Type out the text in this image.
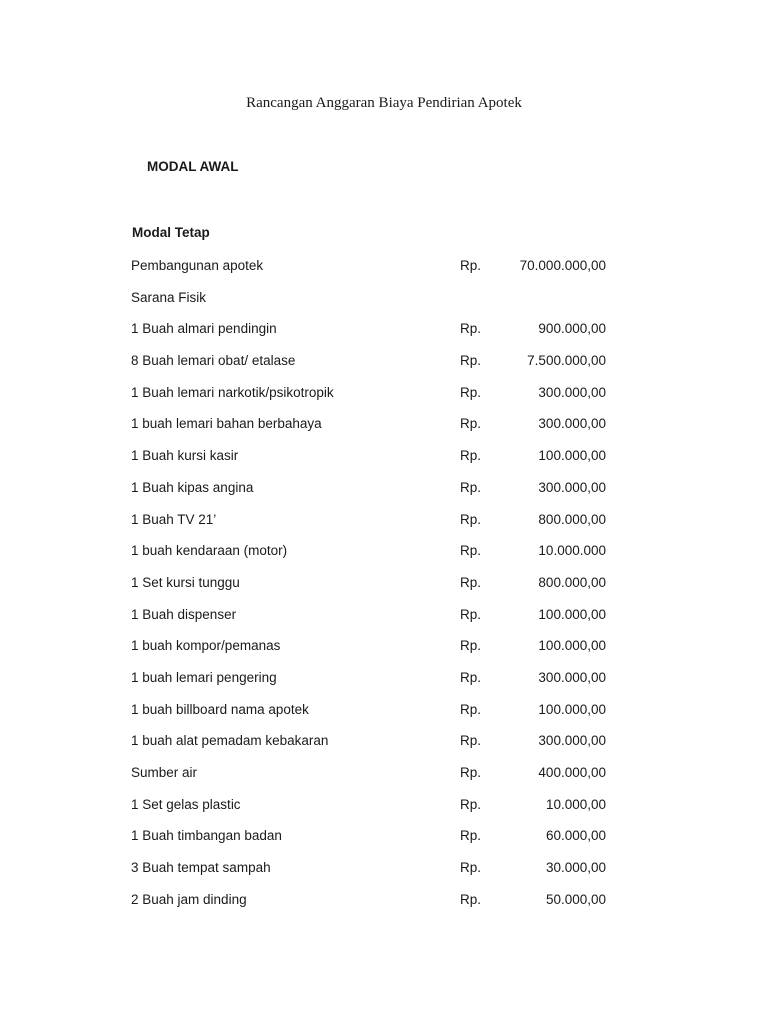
Rancangan Anggaran Biaya Pendirian Apotek
MODAL AWAL
Modal Tetap
Pembangunan apotek	Rp.	70.000.000,00
Sarana Fisik
1 Buah almari pendingin	Rp.	900.000,00
8 Buah lemari obat/ etalase	Rp.	7.500.000,00
1 Buah lemari narkotik/psikotropik	Rp.	300.000,00
1 buah lemari bahan berbahaya	Rp.	300.000,00
1 Buah kursi kasir	Rp.	100.000,00
1 Buah kipas angina	Rp.	300.000,00
1 Buah TV 21’	Rp.	800.000,00
1 buah kendaraan (motor)	Rp.	10.000.000
1 Set kursi tunggu	Rp.	800.000,00
1 Buah dispenser	Rp.	100.000,00
1 buah kompor/pemanas	Rp.	100.000,00
1 buah lemari pengering	Rp.	300.000,00
1 buah billboard nama apotek	Rp.	100.000,00
1 buah alat pemadam kebakaran	Rp.	300.000,00
Sumber air	Rp.	400.000,00
1 Set gelas plastic	Rp.	10.000,00
1 Buah timbangan badan	Rp.	60.000,00
3 Buah tempat sampah	Rp.	30.000,00
2 Buah jam dinding	Rp.	50.000,00
